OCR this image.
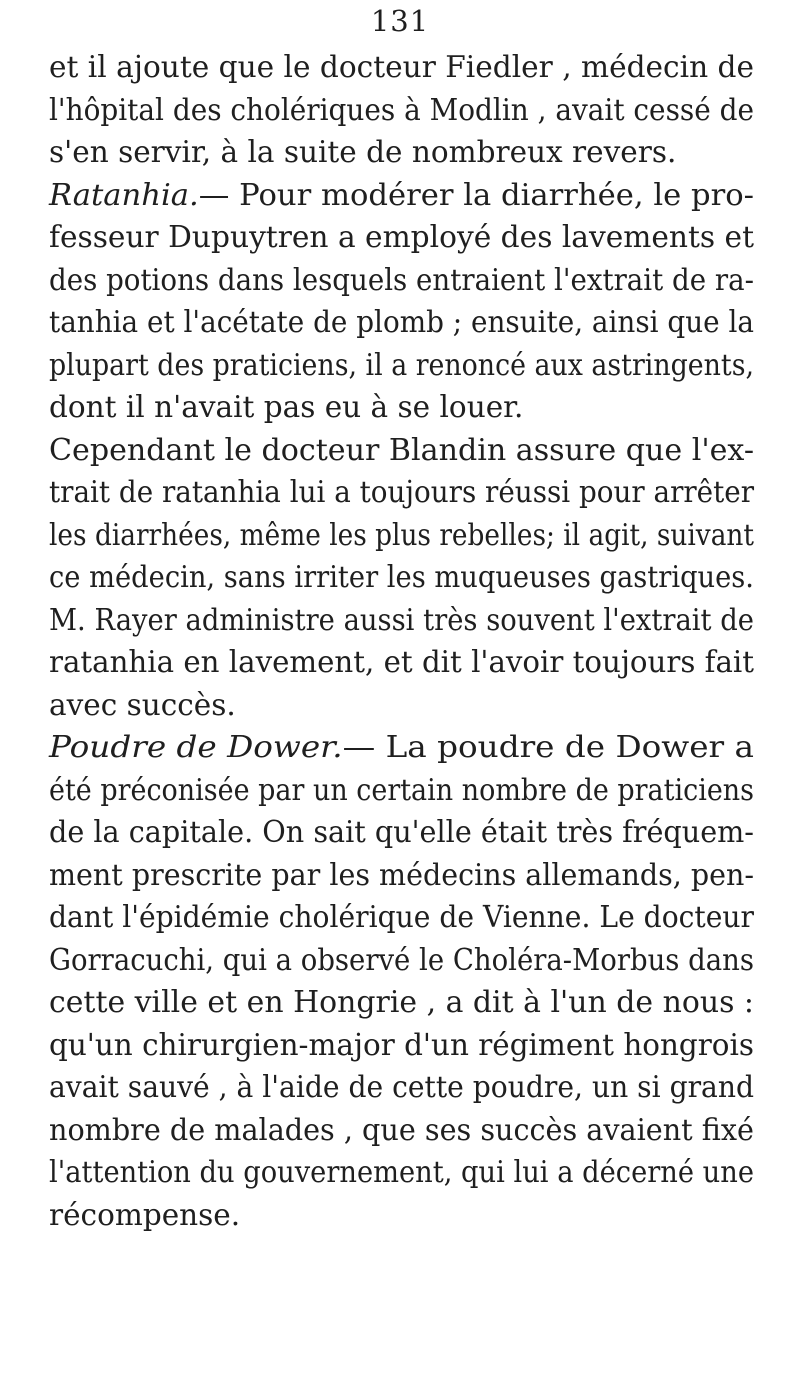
131
et il ajoute que le docteur Fiedler , médecin de
l'hôpital des cholériques à Modlin , avait cessé de
s'en servir, à la suite de nombreux revers.
Ratanhia.— Pour modérer la diarrhée, le pro-
fesseur Dupuytren a employé des lavements et
des potions dans lesquels entraient l'extrait de ra-
tanhia et l'acétate de plomb ; ensuite, ainsi que la
plupart des praticiens, il a renoncé aux astringents,
dont il n'avait pas eu à se louer.
Cependant le docteur Blandin assure que l'ex-
trait de ratanhia lui a toujours réussi pour arrêter
les diarrhées, même les plus rebelles; il agit, suivant
ce médecin, sans irriter les muqueuses gastriques.
M. Rayer administre aussi très souvent l'extrait de
ratanhia en lavement, et dit l'avoir toujours fait
avec succès.
Poudre de Dower.— La poudre de Dower a
été préconisée par un certain nombre de praticiens
de la capitale. On sait qu'elle était très fréquem-
ment prescrite par les médecins allemands, pen-
dant l'épidémie cholérique de Vienne. Le docteur
Gorracuchi, qui a observé le Choléra-Morbus dans
cette ville et en Hongrie , a dit à l'un de nous :
qu'un chirurgien-major d'un régiment hongrois
avait sauvé , à l'aide de cette poudre, un si grand
nombre de malades , que ses succès avaient fixé
l'attention du gouvernement, qui lui a décerné une
récompense.
